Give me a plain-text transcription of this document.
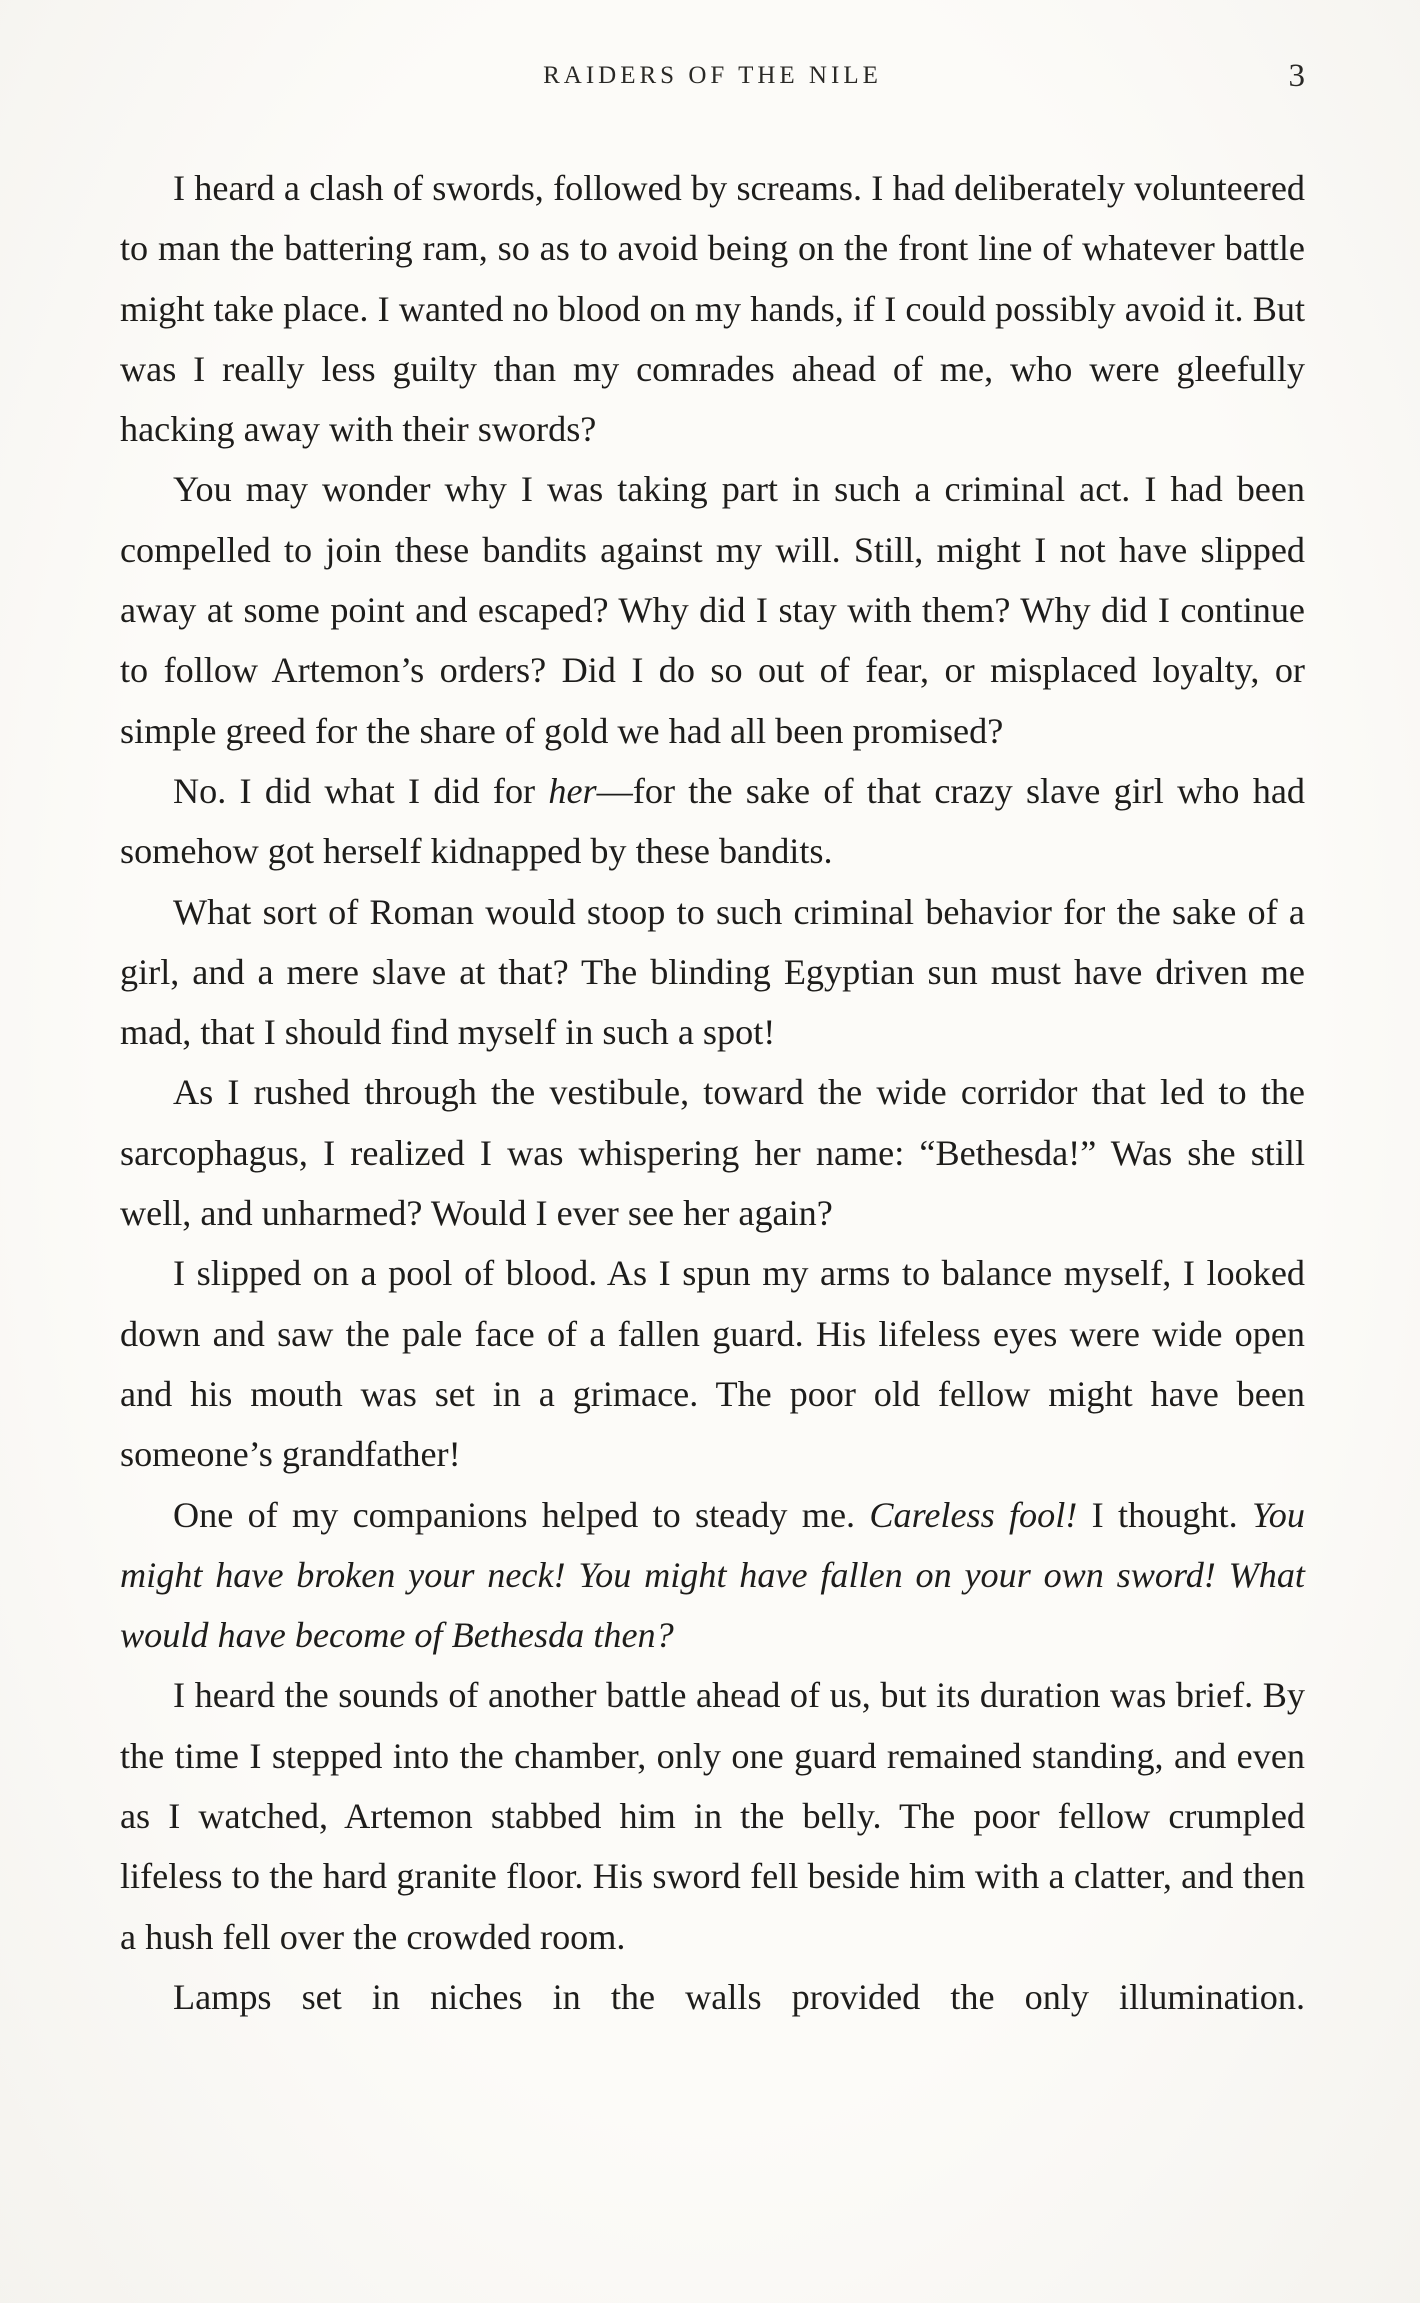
RAIDERS OF THE NILE	3

I heard a clash of swords, followed by screams. I had deliberately volunteered to man the battering ram, so as to avoid being on the front line of whatever battle might take place. I wanted no blood on my hands, if I could possibly avoid it. But was I really less guilty than my comrades ahead of me, who were gleefully hacking away with their swords?

You may wonder why I was taking part in such a criminal act. I had been compelled to join these bandits against my will. Still, might I not have slipped away at some point and escaped? Why did I stay with them? Why did I continue to follow Artemon’s orders? Did I do so out of fear, or misplaced loyalty, or simple greed for the share of gold we had all been promised?

No. I did what I did for her—for the sake of that crazy slave girl who had somehow got herself kidnapped by these bandits.

What sort of Roman would stoop to such criminal behavior for the sake of a girl, and a mere slave at that? The blinding Egyptian sun must have driven me mad, that I should find myself in such a spot!

As I rushed through the vestibule, toward the wide corridor that led to the sarcophagus, I realized I was whispering her name: “Bethesda!” Was she still well, and unharmed? Would I ever see her again?

I slipped on a pool of blood. As I spun my arms to balance myself, I looked down and saw the pale face of a fallen guard. His lifeless eyes were wide open and his mouth was set in a grimace. The poor old fellow might have been someone’s grandfather!

One of my companions helped to steady me. Careless fool! I thought. You might have broken your neck! You might have fallen on your own sword! What would have become of Bethesda then?

I heard the sounds of another battle ahead of us, but its duration was brief. By the time I stepped into the chamber, only one guard remained standing, and even as I watched, Artemon stabbed him in the belly. The poor fellow crumpled lifeless to the hard granite floor. His sword fell beside him with a clatter, and then a hush fell over the crowded room.

Lamps set in niches in the walls provided the only illumination.
